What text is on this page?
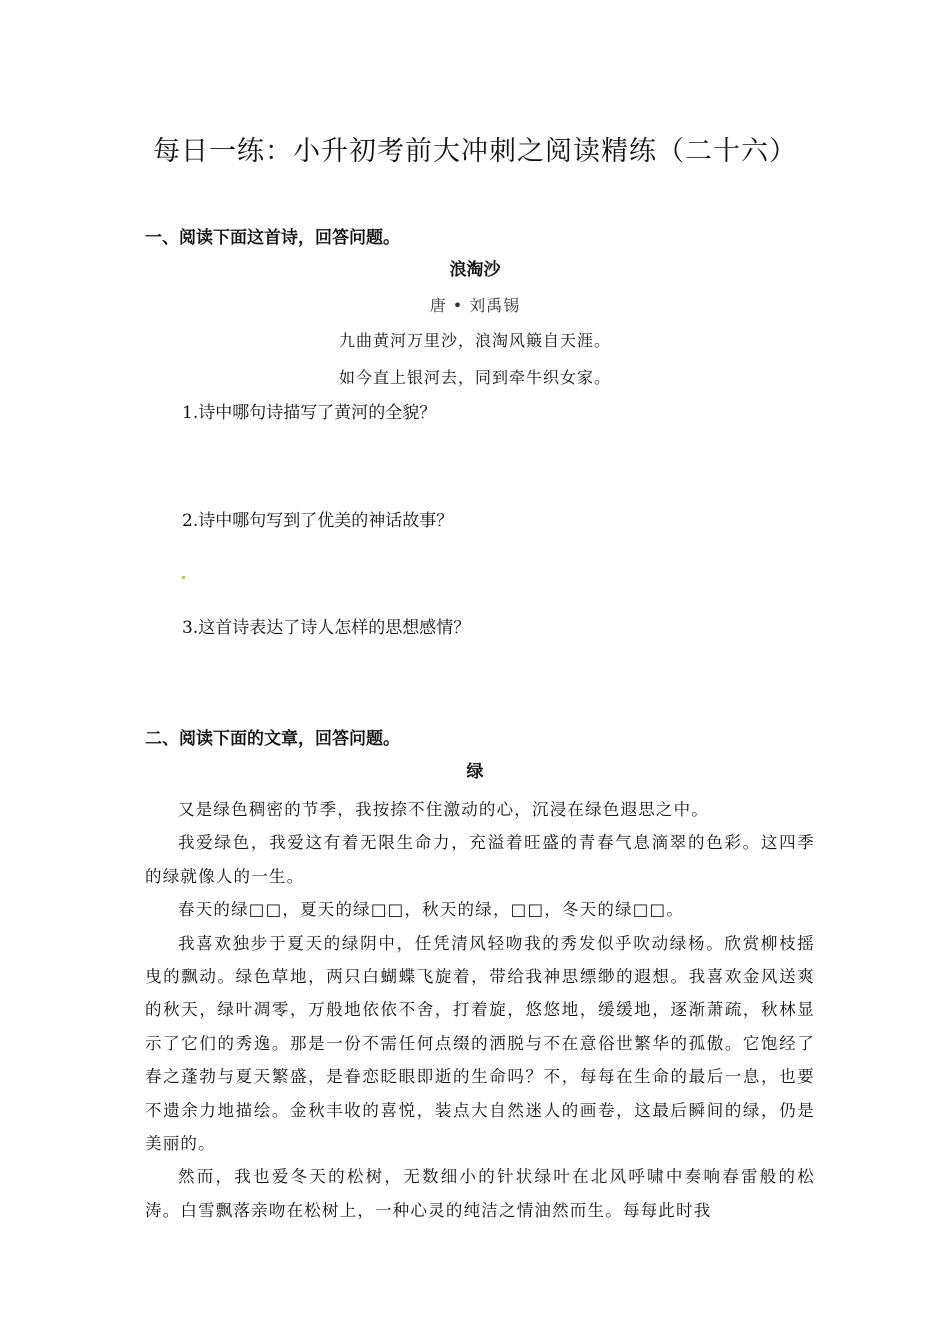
每日一练：小升初考前大冲刺之阅读精练（二十六）
一、阅读下面这首诗，回答问题。
浪淘沙
唐 • 刘禹锡
九曲黄河万里沙，浪淘风簸自天涯。
如今直上银河去，同到牵牛织女家。
1.诗中哪句诗描写了黄河的全貌？
2.诗中哪句写到了优美的神话故事？
3.这首诗表达了诗人怎样的思想感情？
二、阅读下面的文章，回答问题。
绿

又是绿色稠密的节季，我按捺不住激动的心，沉浸在绿色遐思之中。

我爱绿色，我爱这有着无限生命力，充溢着旺盛的青春气息滴翠的色彩。这四季的绿就像人的一生。

春天的绿□□，夏天的绿□□，秋天的绿，□□，冬天的绿□□。

我喜欢独步于夏天的绿阴中，任凭清风轻吻我的秀发似乎吹动绿杨。欣赏柳枝摇曳的飘动。绿色草地，两只白蝴蝶飞旋着，带给我神思缥缈的遐想。我喜欢金风送爽的秋天，绿叶凋零，万般地依依不舍，打着旋，悠悠地，缓缓地，逐渐萧疏，秋林显示了它们的秀逸。那是一份不需任何点缀的洒脱与不在意俗世繁华的孤傲。它饱经了春之蓬勃与夏天繁盛，是眷恋眨眼即逝的生命吗？不，每每在生命的最后一息，也要不遗余力地描绘。金秋丰收的喜悦，装点大自然迷人的画卷，这最后瞬间的绿，仍是美丽的。

然而，我也爱冬天的松树，无数细小的针状绿叶在北风呼啸中奏响春雷般的松涛。白雪飘落亲吻在松树上，一种心灵的纯洁之情油然而生。每每此时我
